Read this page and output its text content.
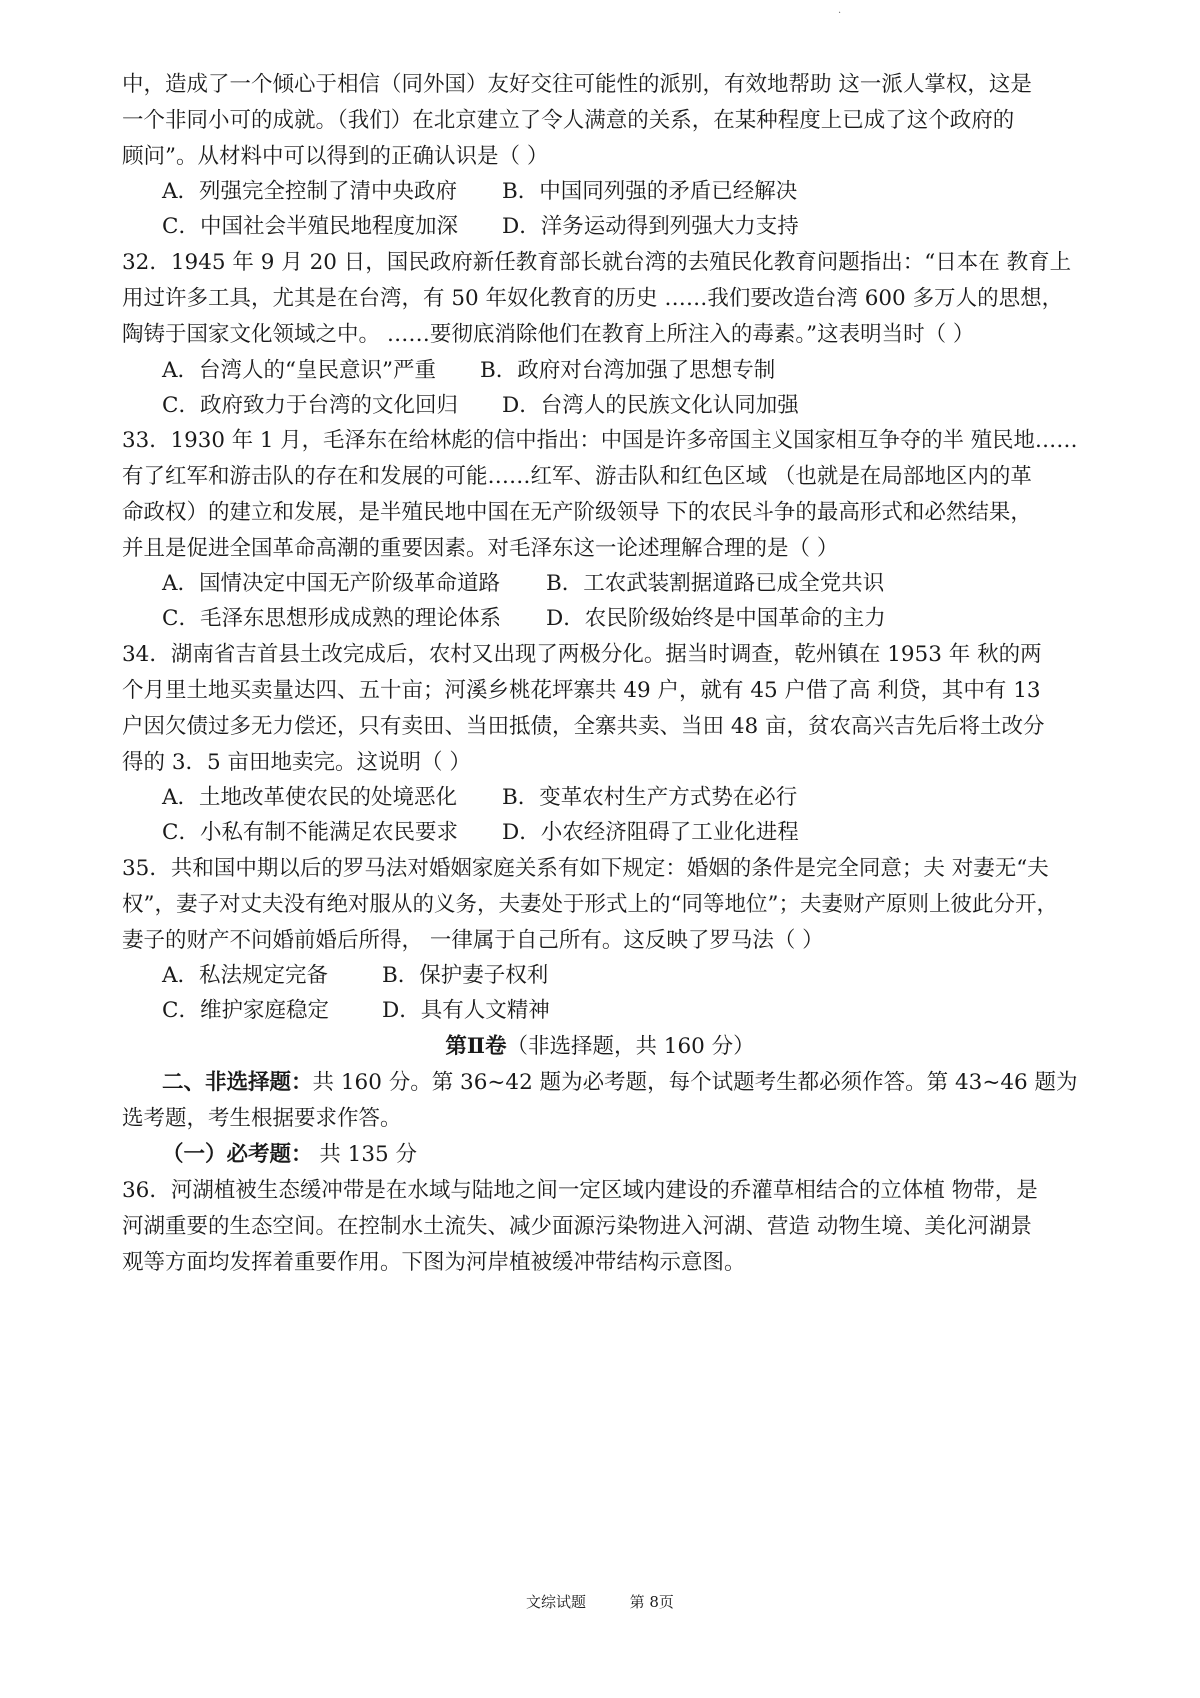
·
中，造成了一个倾心于相信（同外国）友好交往可能性的派别，有效地帮助 这一派人掌权，这是
一个非同小可的成就。（我们）在北京建立了令人满意的关系，在某种程度上已成了这个政府的
顾问”。从材料中可以得到的正确认识是（ ）
A．列强完全控制了清中央政府 B．中国同列强的矛盾已经解决
C．中国社会半殖民地程度加深 D．洋务运动得到列强大力支持
32．1945 年 9 月 20 日，国民政府新任教育部长就台湾的去殖民化教育问题指出：“日本在 教育上
用过许多工具，尤其是在台湾，有 50 年奴化教育的历史 ……我们要改造台湾 600 多万人的思想，
陶铸于国家文化领域之中。 ……要彻底消除他们在教育上所注入的毒素。”这表明当时（ ）
A．台湾人的“皇民意识”严重 B．政府对台湾加强了思想专制
C．政府致力于台湾的文化回归 D．台湾人的民族文化认同加强
33．1930 年 1 月，毛泽东在给林彪的信中指出：中国是许多帝国主义国家相互争夺的半 殖民地……
有了红军和游击队的存在和发展的可能……红军、游击队和红色区域 （也就是在局部地区内的革
命政权）的建立和发展，是半殖民地中国在无产阶级领导 下的农民斗争的最高形式和必然结果，
并且是促进全国革命高潮的重要因素。对毛泽东这一论述理解合理的是（ ）
A．国情决定中国无产阶级革命道路 B．工农武装割据道路已成全党共识
C．毛泽东思想形成成熟的理论体系 D．农民阶级始终是中国革命的主力
34．湖南省吉首县土改完成后，农村又出现了两极分化。据当时调查，乾州镇在 1953 年 秋的两
个月里土地买卖量达四、五十亩；河溪乡桃花坪寨共 49 户，就有 45 户借了高 利贷，其中有 13
户因欠债过多无力偿还，只有卖田、当田抵债，全寨共卖、当田 48 亩，贫农高兴吉先后将土改分
得的 3．5 亩田地卖完。这说明（ ）
A．土地改革使农民的处境恶化 B．变革农村生产方式势在必行
C．小私有制不能满足农民要求 D．小农经济阻碍了工业化进程
35．共和国中期以后的罗马法对婚姻家庭关系有如下规定：婚姻的条件是完全同意；夫 对妻无“夫
权”，妻子对丈夫没有绝对服从的义务，夫妻处于形式上的“同等地位”；夫妻财产原则上彼此分开，
妻子的财产不问婚前婚后所得， 一律属于自己所有。这反映了罗马法（ ）
A．私法规定完备	B．保护妻子权利
C．维护家庭稳定 D．具有人文精神
第Ⅱ卷（非选择题，共 160 分）
二、非选择题：共 160 分。第 36~42 题为必考题，每个试题考生都必须作答。第 43~46 题为
选考题，考生根据要求作答。
（一）必考题： 共 135 分
36．河湖植被生态缓冲带是在水域与陆地之间一定区域内建设的乔灌草相结合的立体植 物带，是
河湖重要的生态空间。在控制水土流失、减少面源污染物进入河湖、营造 动物生境、美化河湖景
观等方面均发挥着重要作用。下图为河岸植被缓冲带结构示意图。
文综试题	第 8页
